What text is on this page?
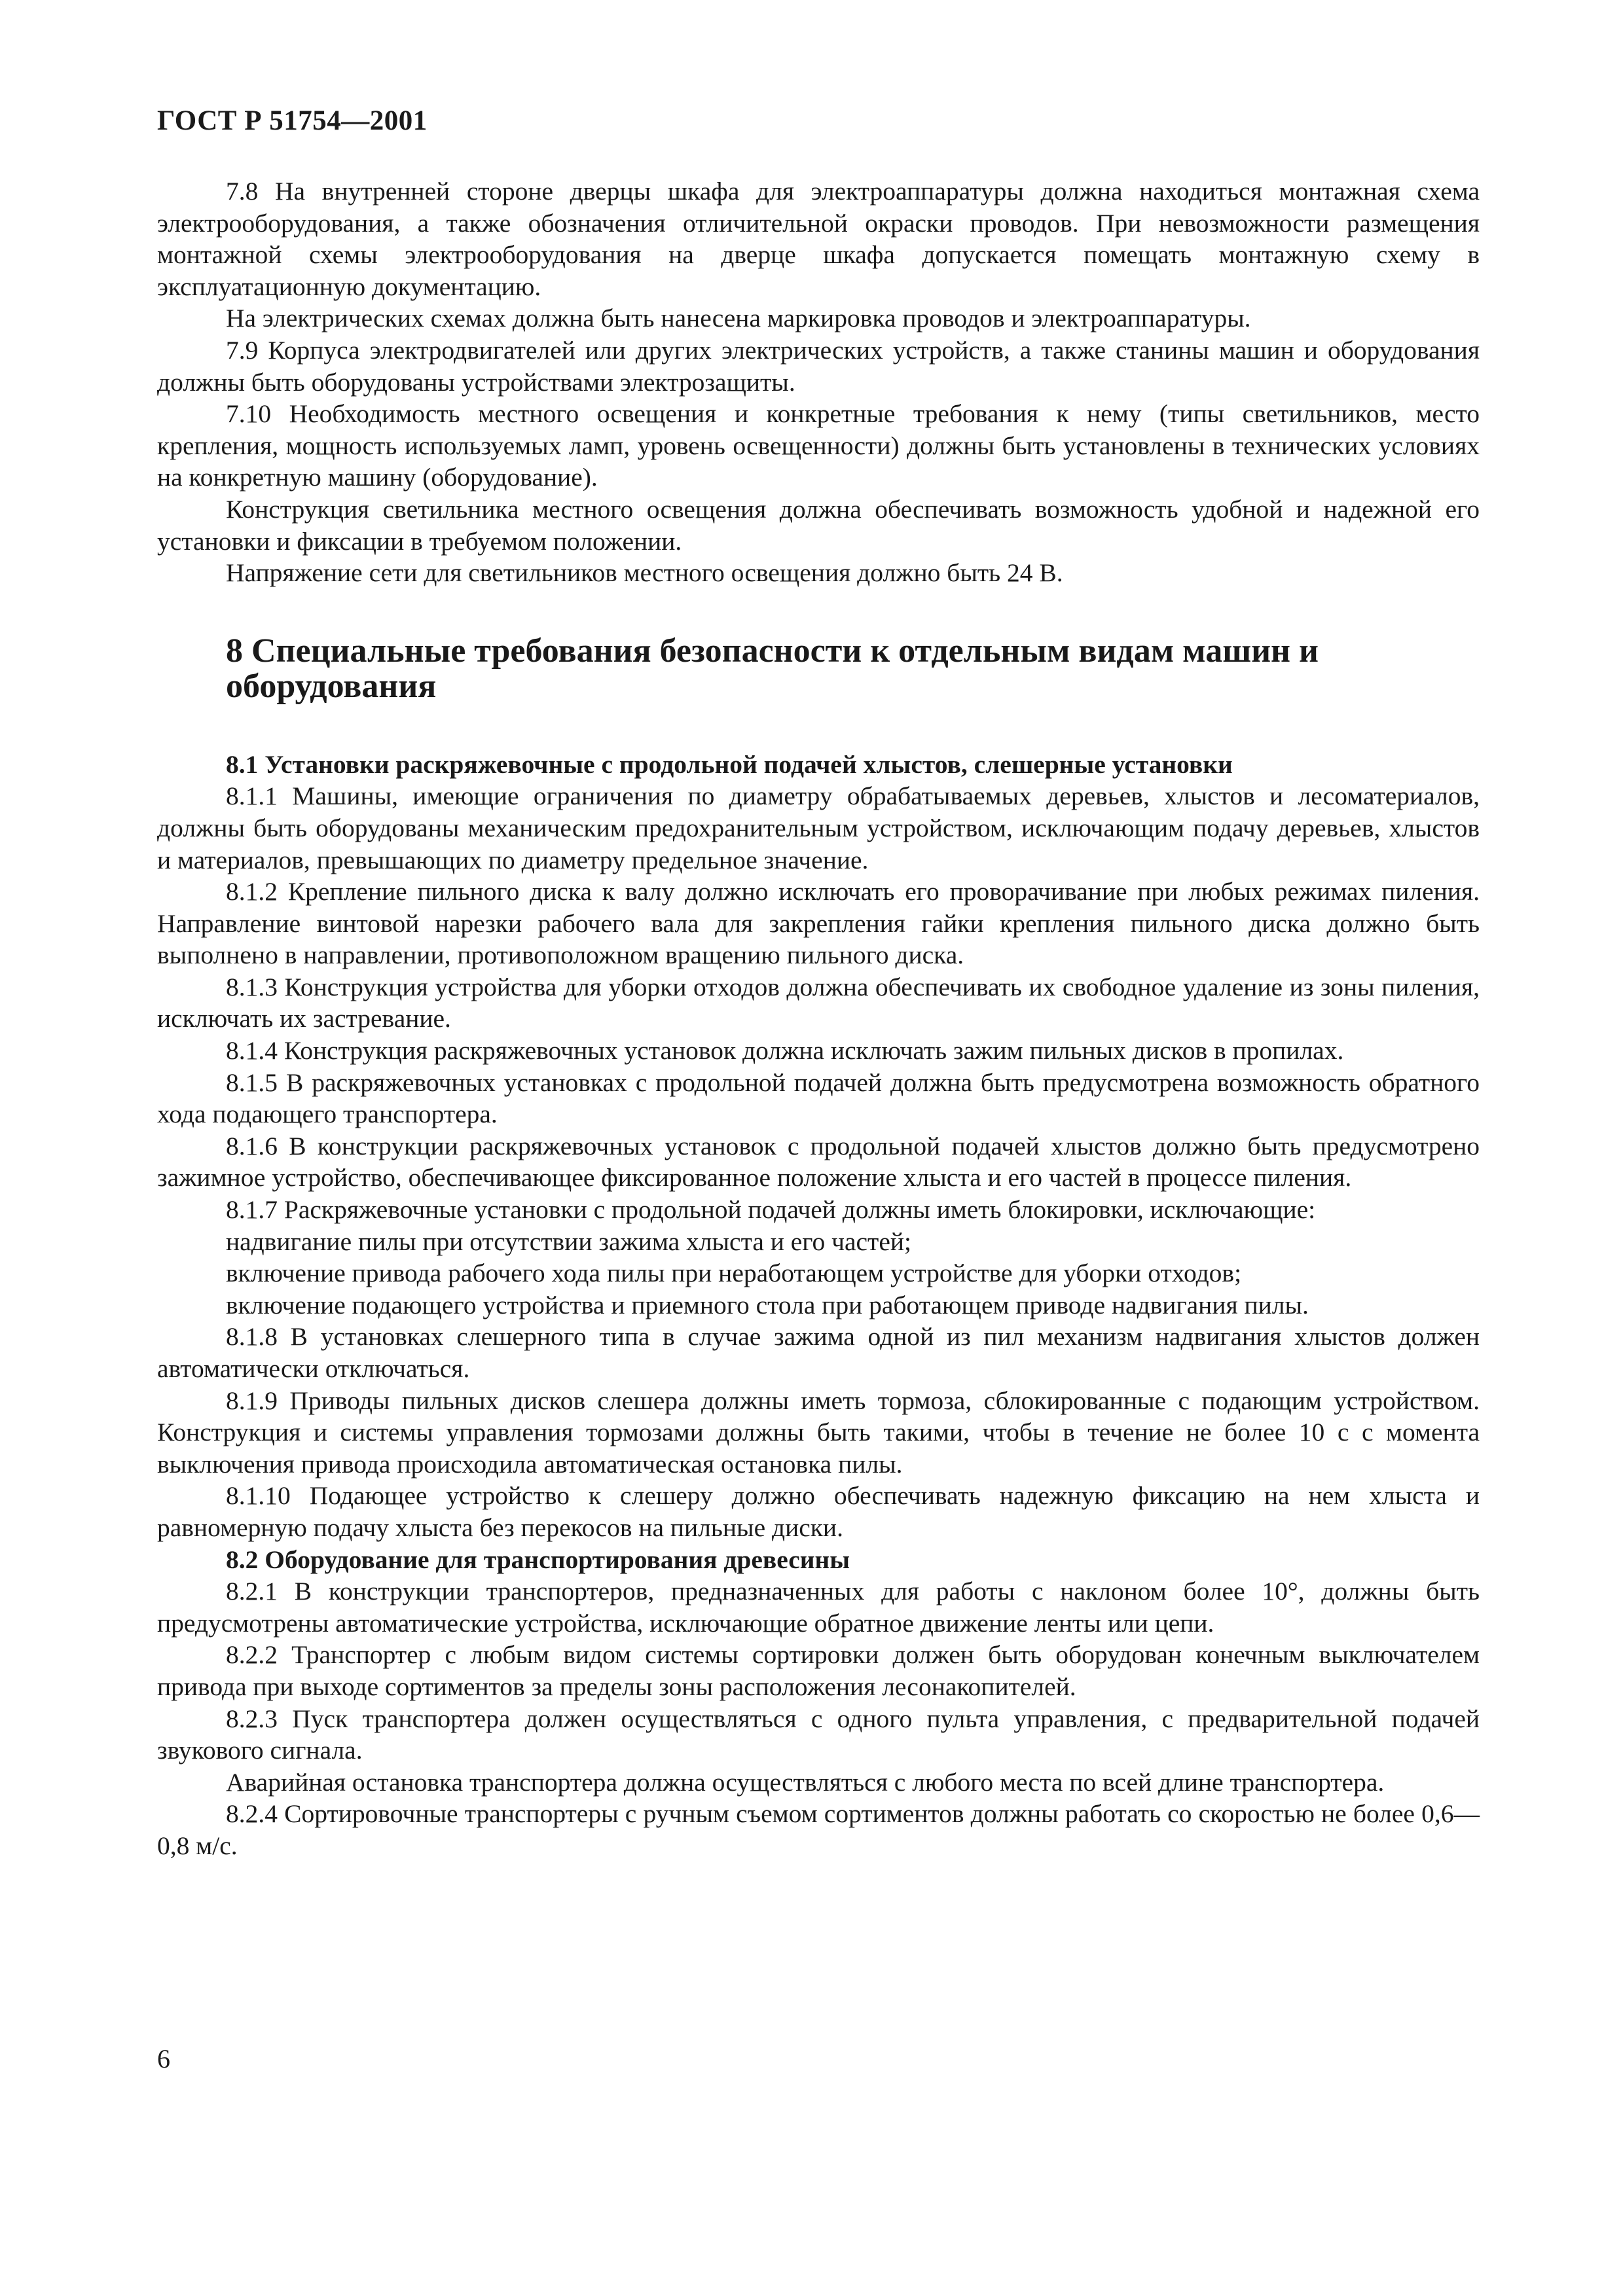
ГОСТ Р 51754—2001

7.8 На внутренней стороне дверцы шкафа для электроаппаратуры должна находиться монтажная схема электрооборудования, а также обозначения отличительной окраски проводов. При невозможности размещения монтажной схемы электрооборудования на дверце шкафа допускается помещать монтажную схему в эксплуатационную документацию.

На электрических схемах должна быть нанесена маркировка проводов и электроаппаратуры.

7.9 Корпуса электродвигателей или других электрических устройств, а также станины машин и оборудования должны быть оборудованы устройствами электрозащиты.

7.10 Необходимость местного освещения и конкретные требования к нему (типы светильников, место крепления, мощность используемых ламп, уровень освещенности) должны быть установлены в технических условиях на конкретную машину (оборудование).

Конструкция светильника местного освещения должна обеспечивать возможность удобной и надежной его установки и фиксации в требуемом положении.

Напряжение сети для светильников местного освещения должно быть 24 В.

8 Специальные требования безопасности к отдельным видам машин и оборудования

8.1 Установки раскряжевочные с продольной подачей хлыстов, слешерные установки

8.1.1 Машины, имеющие ограничения по диаметру обрабатываемых деревьев, хлыстов и лесоматериалов, должны быть оборудованы механическим предохранительным устройством, исключающим подачу деревьев, хлыстов и материалов, превышающих по диаметру предельное значение.

8.1.2 Крепление пильного диска к валу должно исключать его проворачивание при любых режимах пиления. Направление винтовой нарезки рабочего вала для закрепления гайки крепления пильного диска должно быть выполнено в направлении, противоположном вращению пильного диска.

8.1.3 Конструкция устройства для уборки отходов должна обеспечивать их свободное удаление из зоны пиления, исключать их застревание.

8.1.4 Конструкция раскряжевочных установок должна исключать зажим пильных дисков в пропилах.

8.1.5 В раскряжевочных установках с продольной подачей должна быть предусмотрена возможность обратного хода подающего транспортера.

8.1.6 В конструкции раскряжевочных установок с продольной подачей хлыстов должно быть предусмотрено зажимное устройство, обеспечивающее фиксированное положение хлыста и его частей в процессе пиления.

8.1.7 Раскряжевочные установки с продольной подачей должны иметь блокировки, исключающие:

надвигание пилы при отсутствии зажима хлыста и его частей;

включение привода рабочего хода пилы при неработающем устройстве для уборки отходов;

включение подающего устройства и приемного стола при работающем приводе надвигания пилы.

8.1.8 В установках слешерного типа в случае зажима одной из пил механизм надвигания хлыстов должен автоматически отключаться.

8.1.9 Приводы пильных дисков слешера должны иметь тормоза, сблокированные с подающим устройством. Конструкция и системы управления тормозами должны быть такими, чтобы в течение не более 10 с с момента выключения привода происходила автоматическая остановка пилы.

8.1.10 Подающее устройство к слешеру должно обеспечивать надежную фиксацию на нем хлыста и равномерную подачу хлыста без перекосов на пильные диски.

8.2 Оборудование для транспортирования древесины

8.2.1 В конструкции транспортеров, предназначенных для работы с наклоном более 10°, должны быть предусмотрены автоматические устройства, исключающие обратное движение ленты или цепи.

8.2.2 Транспортер с любым видом системы сортировки должен быть оборудован конечным выключателем привода при выходе сортиментов за пределы зоны расположения лесонакопителей.

8.2.3 Пуск транспортера должен осуществляться с одного пульта управления, с предварительной подачей звукового сигнала.

Аварийная остановка транспортера должна осуществляться с любого места по всей длине транспортера.

8.2.4 Сортировочные транспортеры с ручным съемом сортиментов должны работать со скоростью не более 0,6—0,8 м/с.

6
